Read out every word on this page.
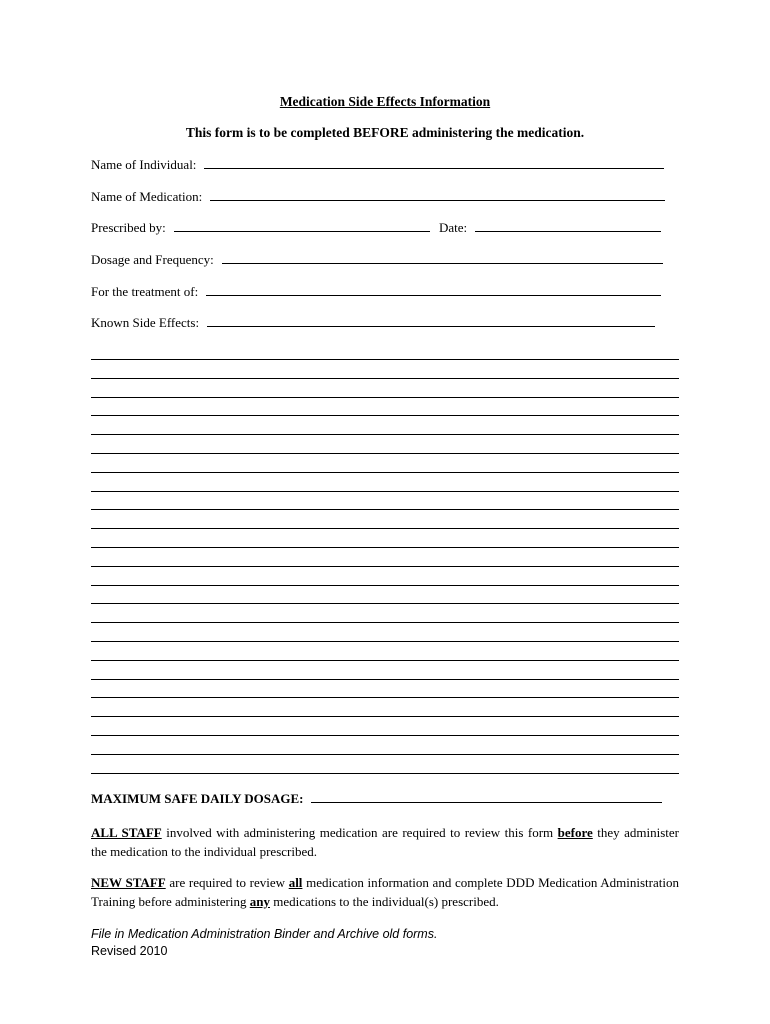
Medication Side Effects Information
This form is to be completed BEFORE administering the medication.
Name of Individual:
Name of Medication:
Prescribed by:	Date:
Dosage and Frequency:
For the treatment of:
Known Side Effects:
MAXIMUM SAFE DAILY DOSAGE:
ALL STAFF involved with administering medication are required to review this form before they administer the medication to the individual prescribed.
NEW STAFF are required to review all medication information and complete DDD Medication Administration Training before administering any medications to the individual(s) prescribed.
File in Medication Administration Binder and Archive old forms.
Revised 2010
